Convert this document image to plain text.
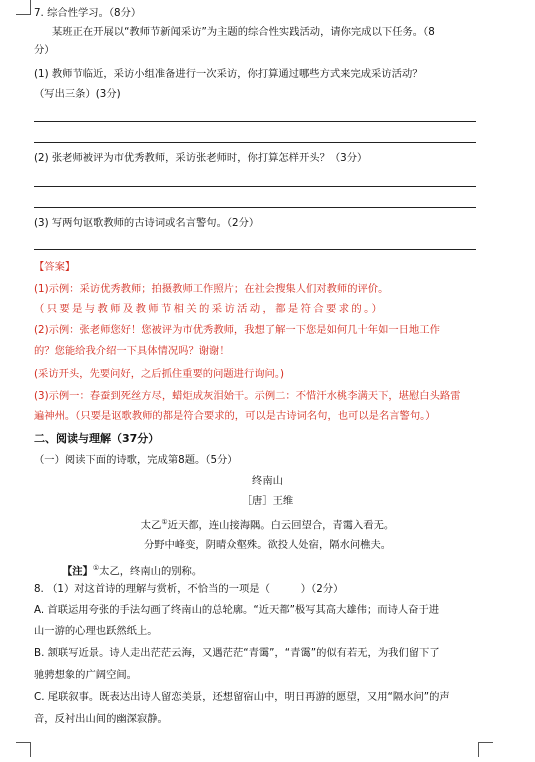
7. 综合性学习。（8分）
某班正在开展以“教师节新闻采访”为主题的综合性实践活动，请你完成以下任务。（8
分）
(1) 教师节临近，采访小组准备进行一次采访，你打算通过哪些方式来完成采访活动？
（写出三条）(3分)
(2) 张老师被评为市优秀教师，采访张老师时，你打算怎样开头？（3分）
(3) 写两句讴歌教师的古诗词或名言警句。（2分）
【答案】
(1)示例：采访优秀教师；拍摄教师工作照片；在社会搜集人们对教师的评价。
（只要是与教师及教师节相关的采访活动，都是符合要求的。）
(2)示例：张老师您好！您被评为市优秀教师，我想了解一下您是如何几十年如一日地工作
的？您能给我介绍一下具体情况吗？谢谢！
(采访开头，先要问好，之后抓住重要的问题进行询问。)
(3)示例一：春蚕到死丝方尽，蜡炬成灰泪始干。示例二：不惜汗水桃李满天下，堪慰白头路雷
遍神州。（只要是讴歌教师的都是符合要求的，可以是古诗词名句，也可以是名言警句。）
二、阅读与理解（37分）
（一）阅读下面的诗歌，完成第8题。（5分）
终南山
［唐］王维
太乙①近天都，连山接海隅。白云回望合，青霭入看无。
分野中峰变，阴晴众壑殊。欲投人处宿，隔水问樵夫。
【注】①太乙，终南山的别称。
8. （1）对这首诗的理解与赏析，不恰当的一项是（　　　）（2分）
A. 首联运用夸张的手法勾画了终南山的总轮廓。“近天都”极写其高大雄伟；而诗人奋于进
山一游的心理也跃然纸上。
B. 颔联写近景。诗人走出茫茫云海，又遇茫茫“青霭”，“青霭”的似有若无，为我们留下了
驰骋想象的广阔空间。
C. 尾联叙事。既表达出诗人留恋美景，还想留宿山中，明日再游的愿望，又用“隔水问”的声
音，反衬出山间的幽深寂静。
